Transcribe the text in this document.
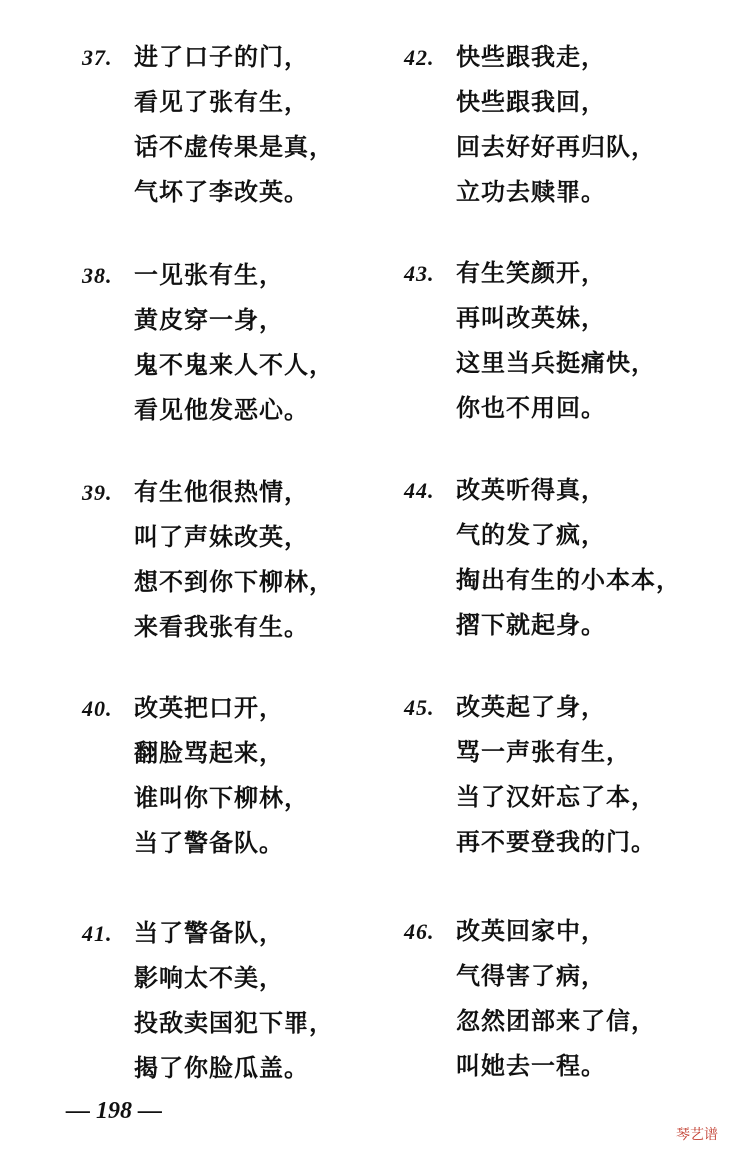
37. 进了口子的门，
看见了张有生，
话不虚传果是真，
气坏了李改英。
38. 一见张有生，
黄皮穿一身，
鬼不鬼来人不人，
看见他发恶心。
39. 有生他很热情，
叫了声妹改英，
想不到你下柳林，
来看我张有生。
40. 改英把口开，
翻脸骂起来，
谁叫你下柳林，
当了警备队。
41. 当了警备队，
影响太不美，
投敌卖国犯下罪，
揭了你脸瓜盖。
42. 快些跟我走，
快些跟我回，
回去好好再归队，
立功去赎罪。
43. 有生笑颜开，
再叫改英妹，
这里当兵挺痛快，
你也不用回。
44. 改英听得真，
气的发了疯，
掏出有生的小本本，
摺下就起身。
45. 改英起了身，
骂一声张有生，
当了汉奸忘了本，
再不要登我的门。
46. 改英回家中，
气得害了病，
忽然团部来了信，
叫她去一程。
— 198 —
琴艺谱
